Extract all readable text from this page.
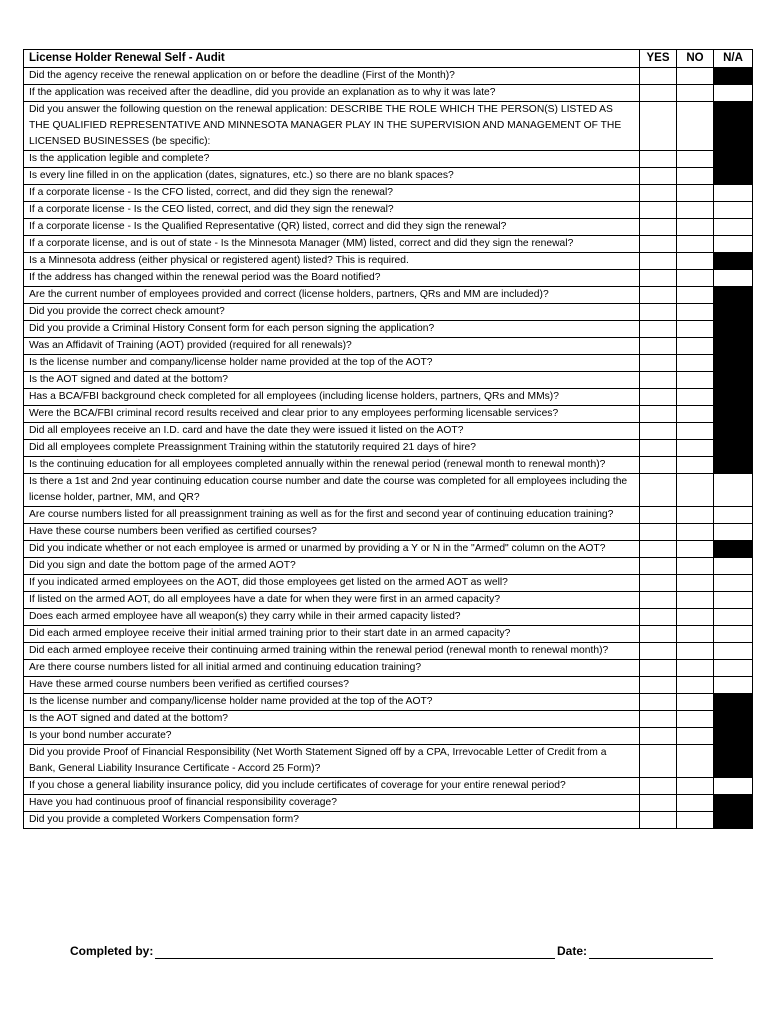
License Holder Renewal Self - Audit	YES	NO	N/A
Did the agency receive the renewal application on or before the deadline (First of the Month)?			
If the application was received after the deadline, did you provide an explanation as to why it was late?			
Did you answer the following question on the renewal application: DESCRIBE THE ROLE WHICH THE PERSON(S) LISTED AS THE QUALIFIED REPRESENTATIVE AND MINNESOTA MANAGER PLAY IN THE SUPERVISION AND MANAGEMENT OF THE LICENSED BUSINESSES (be specific):			
Is the application legible and complete?			
Is every line filled in on the application (dates, signatures, etc.) so there are no blank spaces?			
If a corporate license - Is the CFO listed, correct, and did they sign the renewal?			
If a corporate license - Is the CEO listed, correct, and did they sign the renewal?			
If a corporate license - Is the Qualified Representative (QR) listed, correct and did they sign the renewal?			
If a corporate license, and is out of state - Is the Minnesota Manager (MM) listed, correct and did they sign the renewal?			
Is a Minnesota address (either physical or registered agent) listed? This is required.			
If the address has changed within the renewal period was the Board notified?			
Are the current number of employees provided and correct (license holders, partners, QRs and MM are included)?			
Did you provide the correct check amount?			
Did you provide a Criminal History Consent form for each person signing the application?			
Was an Affidavit of Training (AOT) provided (required for all renewals)?			
Is the license number and company/license holder name provided at the top of the AOT?			
Is the AOT signed and dated at the bottom?			
Has a BCA/FBI background check completed for all employees (including license holders, partners, QRs and MMs)?			
Were the BCA/FBI criminal record results received and clear prior to any employees performing licensable services?			
Did all employees receive an I.D. card and have the date they were issued it listed on the AOT?			
Did all employees complete Preassignment Training within the statutorily required 21 days of hire?			
Is the continuing education for all employees completed annually within the renewal period (renewal month to renewal month)?			
Is there a 1st and 2nd year continuing education course number and date the course was completed for all employees including the license holder, partner, MM, and QR?			
Are course numbers listed for all preassignment training as well as for the first and second year of continuing education training?			
Have these course numbers been verified as certified courses?			
Did you indicate whether or not each employee is armed or unarmed by providing a Y or N in the "Armed" column on the AOT?			
Did you sign and date the bottom page of the armed AOT?			
If you indicated armed employees on the AOT, did those employees get listed on the armed AOT as well?			
If listed on the armed AOT, do all employees have a date for when they were first in an armed capacity?			
Does each armed employee have all weapon(s) they carry while in their armed capacity listed?			
Did each armed employee receive their initial armed training prior to their start date in an armed capacity?			
Did each armed employee receive their continuing armed training within the renewal period (renewal month to renewal month)?			
Are there course numbers listed for all initial armed and continuing education training?			
Have these armed course numbers been verified as certified courses?			
Is the license number and company/license holder name provided at the top of the AOT?			
Is the AOT signed and dated at the bottom?			
Is your bond number accurate?			
Did you provide Proof of Financial Responsibility (Net Worth Statement Signed off by a CPA, Irrevocable Letter of Credit from a Bank, General Liability Insurance Certificate - Accord 25 Form)?			
If you chose a general liability insurance policy, did you include certificates of coverage for your entire renewal period?			
Have you had continuous proof of financial responsibility coverage?			
Did you provide a completed Workers Compensation form?			
Completed by:	Date:
